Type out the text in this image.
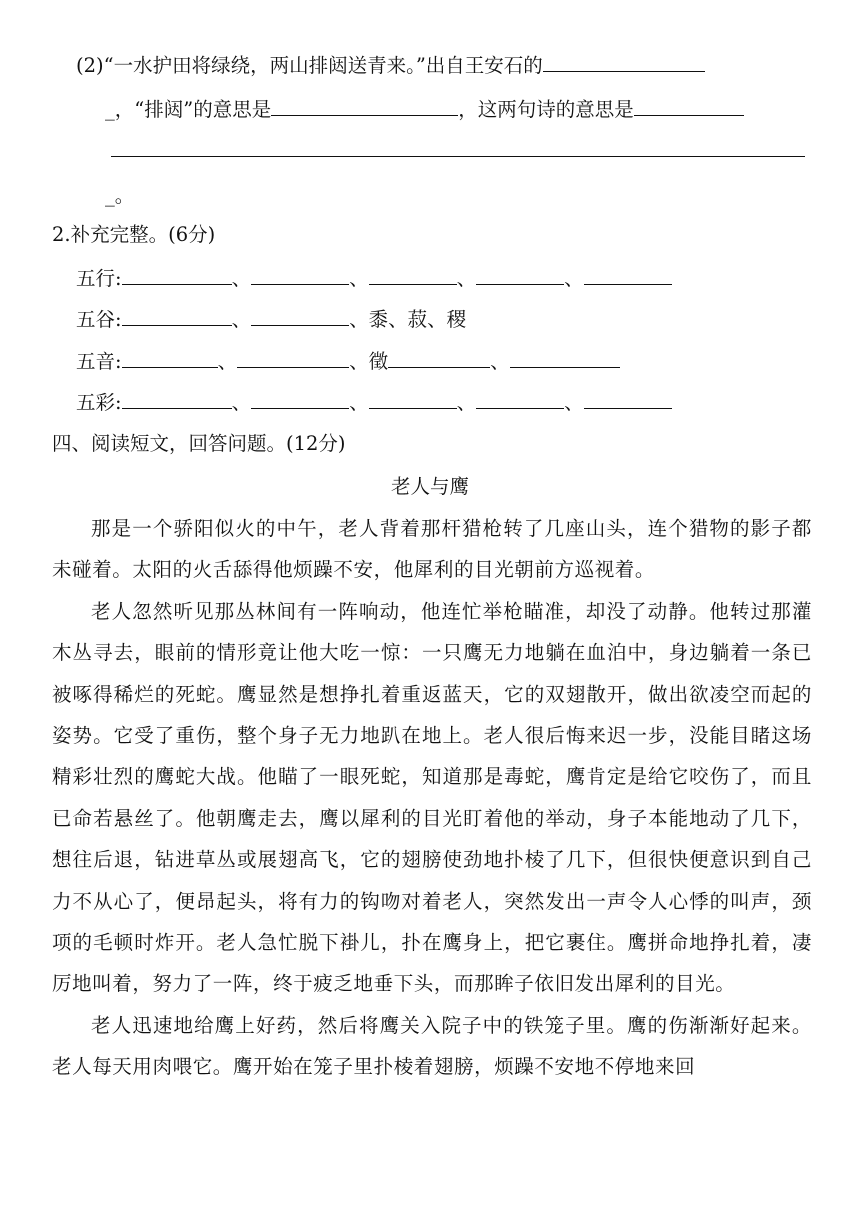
(2)“一水护田将绿绕，两山排闼送青来。”出自王安石的
_，“排闼”的意思是	，这两句诗的意思是
_。
2.补充完整。(6分)
五行:	、	、	、	、
五谷:	、	、黍、菽、稷
五音:	、	、徵	、
五彩:	、	、	、	、
四、阅读短文，回答问题。(12分)
老人与鹰

那是一个骄阳似火的中午，老人背着那杆猎枪转了几座山头，连个猎物的影子都未碰着。太阳的火舌舔得他烦躁不安，他犀利的目光朝前方巡视着。

老人忽然听见那丛林间有一阵响动，他连忙举枪瞄准，却没了动静。他转过那灌木丛寻去，眼前的情形竟让他大吃一惊：一只鹰无力地躺在血泊中，身边躺着一条已被啄得稀烂的死蛇。鹰显然是想挣扎着重返蓝天，它的双翅散开，做出欲凌空而起的姿势。它受了重伤，整个身子无力地趴在地上。老人很后悔来迟一步，没能目睹这场精彩壮烈的鹰蛇大战。他瞄了一眼死蛇，知道那是毒蛇，鹰肯定是给它咬伤了，而且已命若悬丝了。他朝鹰走去，鹰以犀利的目光盯着他的举动，身子本能地动了几下，想往后退，钻进草丛或展翅高飞，它的翅膀使劲地扑棱了几下，但很快便意识到自己力不从心了，便昂起头，将有力的钩吻对着老人，突然发出一声令人心悸的叫声，颈项的毛顿时炸开。老人急忙脱下褂儿，扑在鹰身上，把它裹住。鹰拼命地挣扎着，凄厉地叫着，努力了一阵，终于疲乏地垂下头，而那眸子依旧发出犀利的目光。

老人迅速地给鹰上好药，然后将鹰关入院子中的铁笼子里。鹰的伤渐渐好起来。老人每天用肉喂它。鹰开始在笼子里扑棱着翅膀，烦躁不安地不停地来回
